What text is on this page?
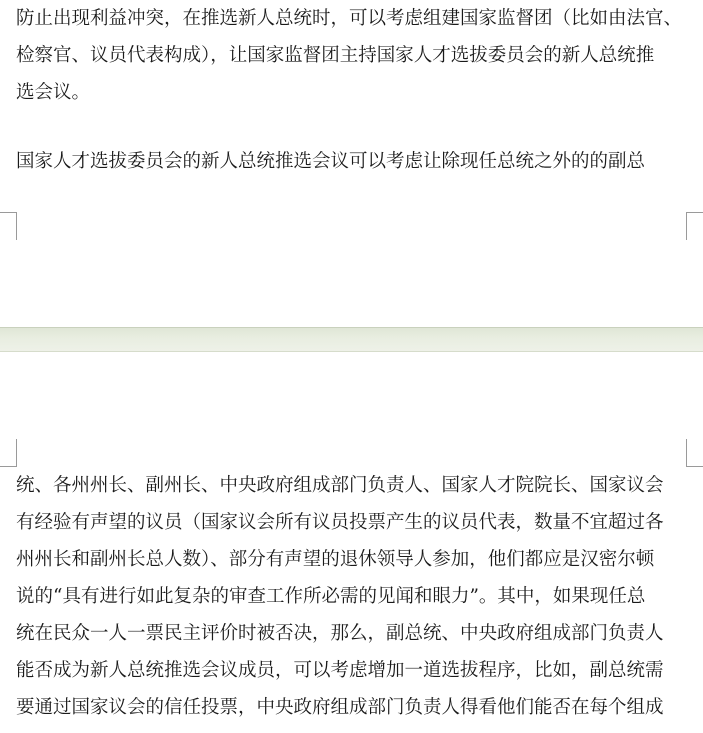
防止出现利益冲突，在推选新人总统时，可以考虑组建国家监督团（比如由法官、
检察官、议员代表构成），让国家监督团主持国家人才选拔委员会的新人总统推
选会议。
国家人才选拔委员会的新人总统推选会议可以考虑让除现任总统之外的的副总
统、各州州长、副州长、中央政府组成部门负责人、国家人才院院长、国家议会
有经验有声望的议员（国家议会所有议员投票产生的议员代表，数量不宜超过各
州州长和副州长总人数）、部分有声望的退休领导人参加，他们都应是汉密尔顿
说的“具有进行如此复杂的审查工作所必需的见闻和眼力”。其中，如果现任总
统在民众一人一票民主评价时被否决，那么，副总统、中央政府组成部门负责人
能否成为新人总统推选会议成员，可以考虑增加一道选拔程序，比如，副总统需
要通过国家议会的信任投票，中央政府组成部门负责人得看他们能否在每个组成
